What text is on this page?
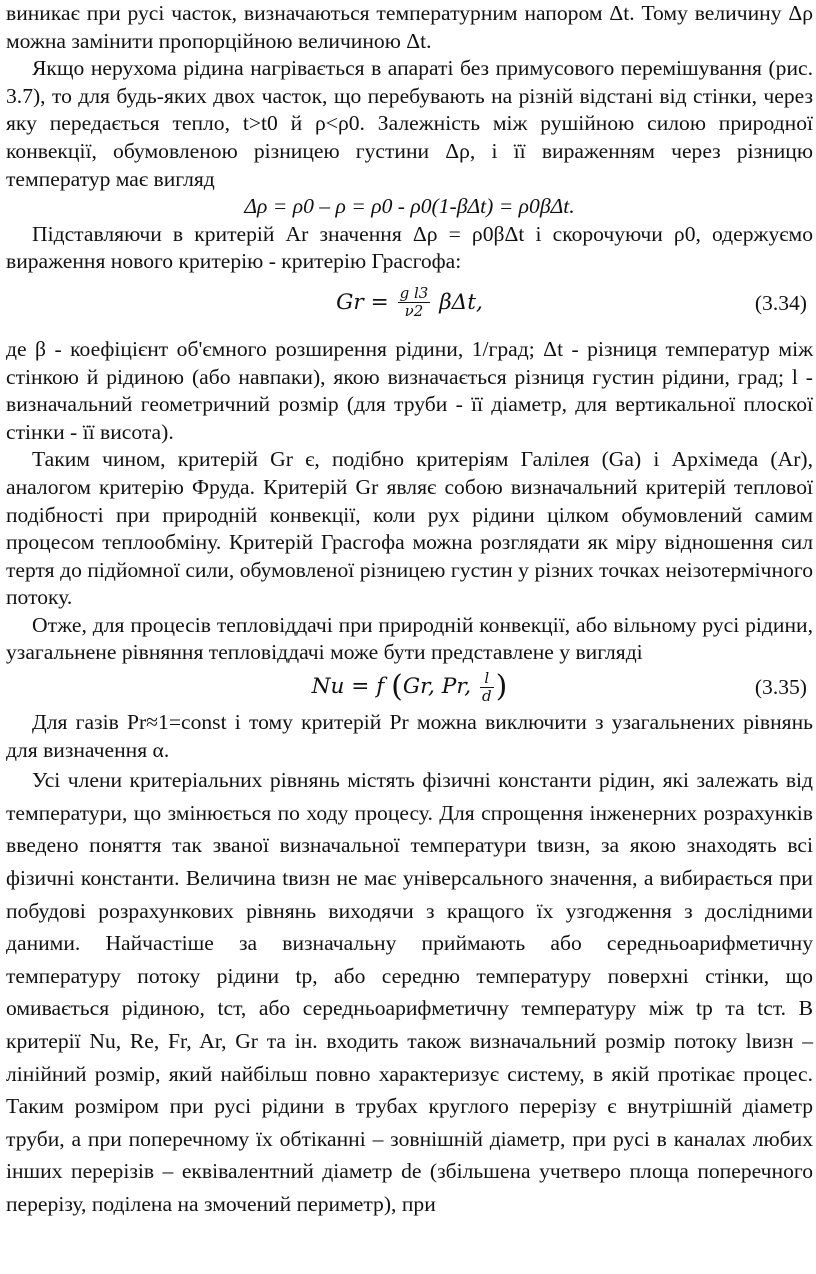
виникає при русі часток, визначаються температурним напором Δt. Тому величину Δρ можна замінити пропорційною величиною Δt.

Якщо нерухома рідина нагрівається в апараті без примусового перемішування (рис. 3.7), то для будь-яких двох часток, що перебувають на різній відстані від стінки, через яку передається тепло, t>t0 й ρ<ρ0. Залежність між рушійною силою природної конвекції, обумовленою різницею густини Δρ, і її вираженням через різницю температур має вигляд

Δρ = ρ0 – ρ = ρ0 - ρ0(1-βΔt) = ρ0βΔt.

Підставляючи в критерій Ar значення Δρ = ρ0βΔt і скорочуючи ρ0, одержуємо вираження нового критерію - критерію Грасгофа:

$Gr = \frac{\text{g l3}}{\nu 2} \beta\Delta t$,	(3.34)

де β - коефіцієнт об'ємного розширення рідини, 1/град; Δt - різниця температур між стінкою й рідиною (або навпаки), якою визначається різниця густин рідини, град; l - визначальний геометричний розмір (для труби - її діаметр, для вертикальної плоскої стінки - її висота).

Таким чином, критерій Gr є, подібно критеріям Галілея (Ga) і Архімеда (Ar), аналогом критерію Фруда. Критерій Gr являє собою визначальний критерій теплової подібності при природній конвекції, коли рух рідини цілком обумовлений самим процесом теплообміну. Критерій Грасгофа можна розглядати як міру відношення сил тертя до підйомної сили, обумовленої різницею густин у різних точках неізотермічного потоку.

Отже, для процесів тепловіддачі при природній конвекції, або вільному русі рідини, узагальнене рівняння тепловіддачі може бути представлене у вигляді

Nu = f (Gr, Pr, $\frac{l}{d}$ )	(3.35)

Для газів Pr≈1=const і тому критерій Pr можна виключити з узагальнених рівнянь для визначення α.

Усі члени критеріальних рівнянь містять фізичні константи рідин, які залежать від температури, що змінюється по ходу процесу. Для спрощення інженерних розрахунків введено поняття так званої визначальної температури tвизн, за якою знаходять всі фізичні константи. Величина tвизн не має універсального значення, а вибирається при побудові розрахункових рівнянь виходячи з кращого їх узгодження з дослідними даними. Найчастіше за визначальну приймають або середньоарифметичну температуру потоку рідини tр, або середню температуру поверхні стінки, що омивається рідиною, tст, або середньоарифметичну температуру між tр та tст. В критерії Nu, Re, Fr, Ar, Gr та ін. входить також визначальний розмір потоку lвизн – лінійний розмір, який найбільш повно характеризує систему, в якій протікає процес. Таким розміром при русі рідини в трубах круглого перерізу є внутрішній діаметр труби, а при поперечному їх обтіканні – зовнішній діаметр, при русі в каналах любих інших перерізів – еквівалентний діаметр de (збільшена учетверо площа поперечного перерізу, поділена на змочений периметр), при
